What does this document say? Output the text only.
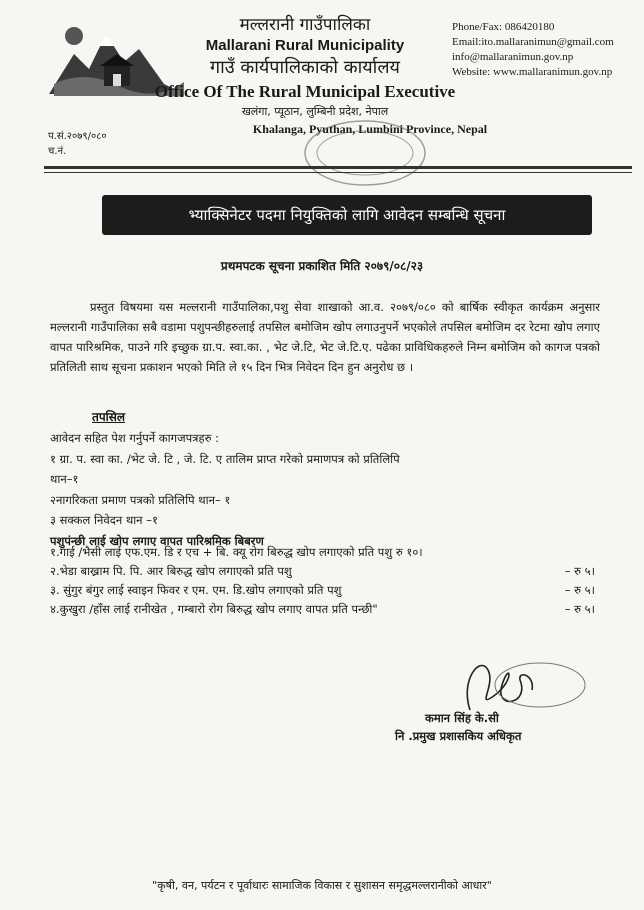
मल्लरानी गाउँपालिका
Mallarani Rural Municipality
गाउँ कार्यपालिकाको कार्यालय
Office Of The Rural Municipal Executive
खलंगा, प्यूठान, लुम्बिनी प्रदेश, नेपाल
Khalanga, Pyuthan, Lumbini Province, Nepal
Phone/Fax: 086420180
Email:ito.mallaranimun@gmail.com
info@mallaranimun.gov.np
Website: www.mallaranimun.gov.np
प.सं.२०७९/०८०
च.नं.
भ्याक्सिनेटर पदमा नियुक्तिको लागि आवेदन सम्बन्धि सूचना
प्रथमपटक सूचना प्रकाशित मिति २०७९/०८/२३
प्रस्तुत विषयमा यस मल्लरानी गाउँपालिका,पशु सेवा शाखाको आ.व. २०७९/०८० को बार्षिक स्वीकृत कार्यक्रम अनुसार मल्लरानी गाउँपालिका सबै वडामा पशुपन्छीहरुलाई तपसिल बमोजिम खोप लगाउनुपर्ने भएकोले तपसिल बमोजिम दर रेटमा खोप लगाए वापत पारिश्रमिक, पाउने गरि इच्छुक ग्रा.प. स्वा.का. , भेट जे.टि, भेट जे.टि.ए. पढेका प्राविधिकहरुले निम्न बमोजिम को कागज पत्रको प्रतिलिती साथ सूचना प्रकाशन भएको मिति ले १५ दिन भित्र निवेदन दिन हुन अनुरोध छ ।
तपसिल
आवेदन सहित पेश गर्नुपर्ने कागजपत्रहरु :
१ ग्रा. प. स्वा का. /भेट जे. टि , जे. टि. ए तालिम प्राप्त गरेको प्रमाणपत्र को प्रतिलिपि
थान–१
२नागरिकता प्रमाण पत्रको प्रतिलिपि थान– १
३ सक्कल निवेदन थान –१
पशुपंन्छी लाई खोप लगाए वापत पारिश्रमिक बिबरण
१.गाई /भैसी लाई एफ.एम. डि र एच + बि. क्यू रोग बिरुद्ध खोप लगाएको प्रति पशु रु १०।
२.भेडा बाख्राम पि. पि. आर बिरुद्ध खोप लगाएको प्रति पशु	– रु ५।
३. सुंगुर बंगुर लाई स्वाइन फिवर र एम. एम. डि.खोप लगाएको प्रति पशु	– रु ५।
४.कुखुरा /हाँस लाई रानीखेत , गम्बारो रोग बिरुद्ध खोप लगाए वापत प्रति पन्छी"	– रु ५।
कमान सिंह के.सी
नि .प्रमुख प्रशासकिय अधिकृत
"कृषी, वन, पर्यटन र पूर्वाधारः सामाजिक विकास र सुशासन समृद्धमल्लरानीको आधार"
